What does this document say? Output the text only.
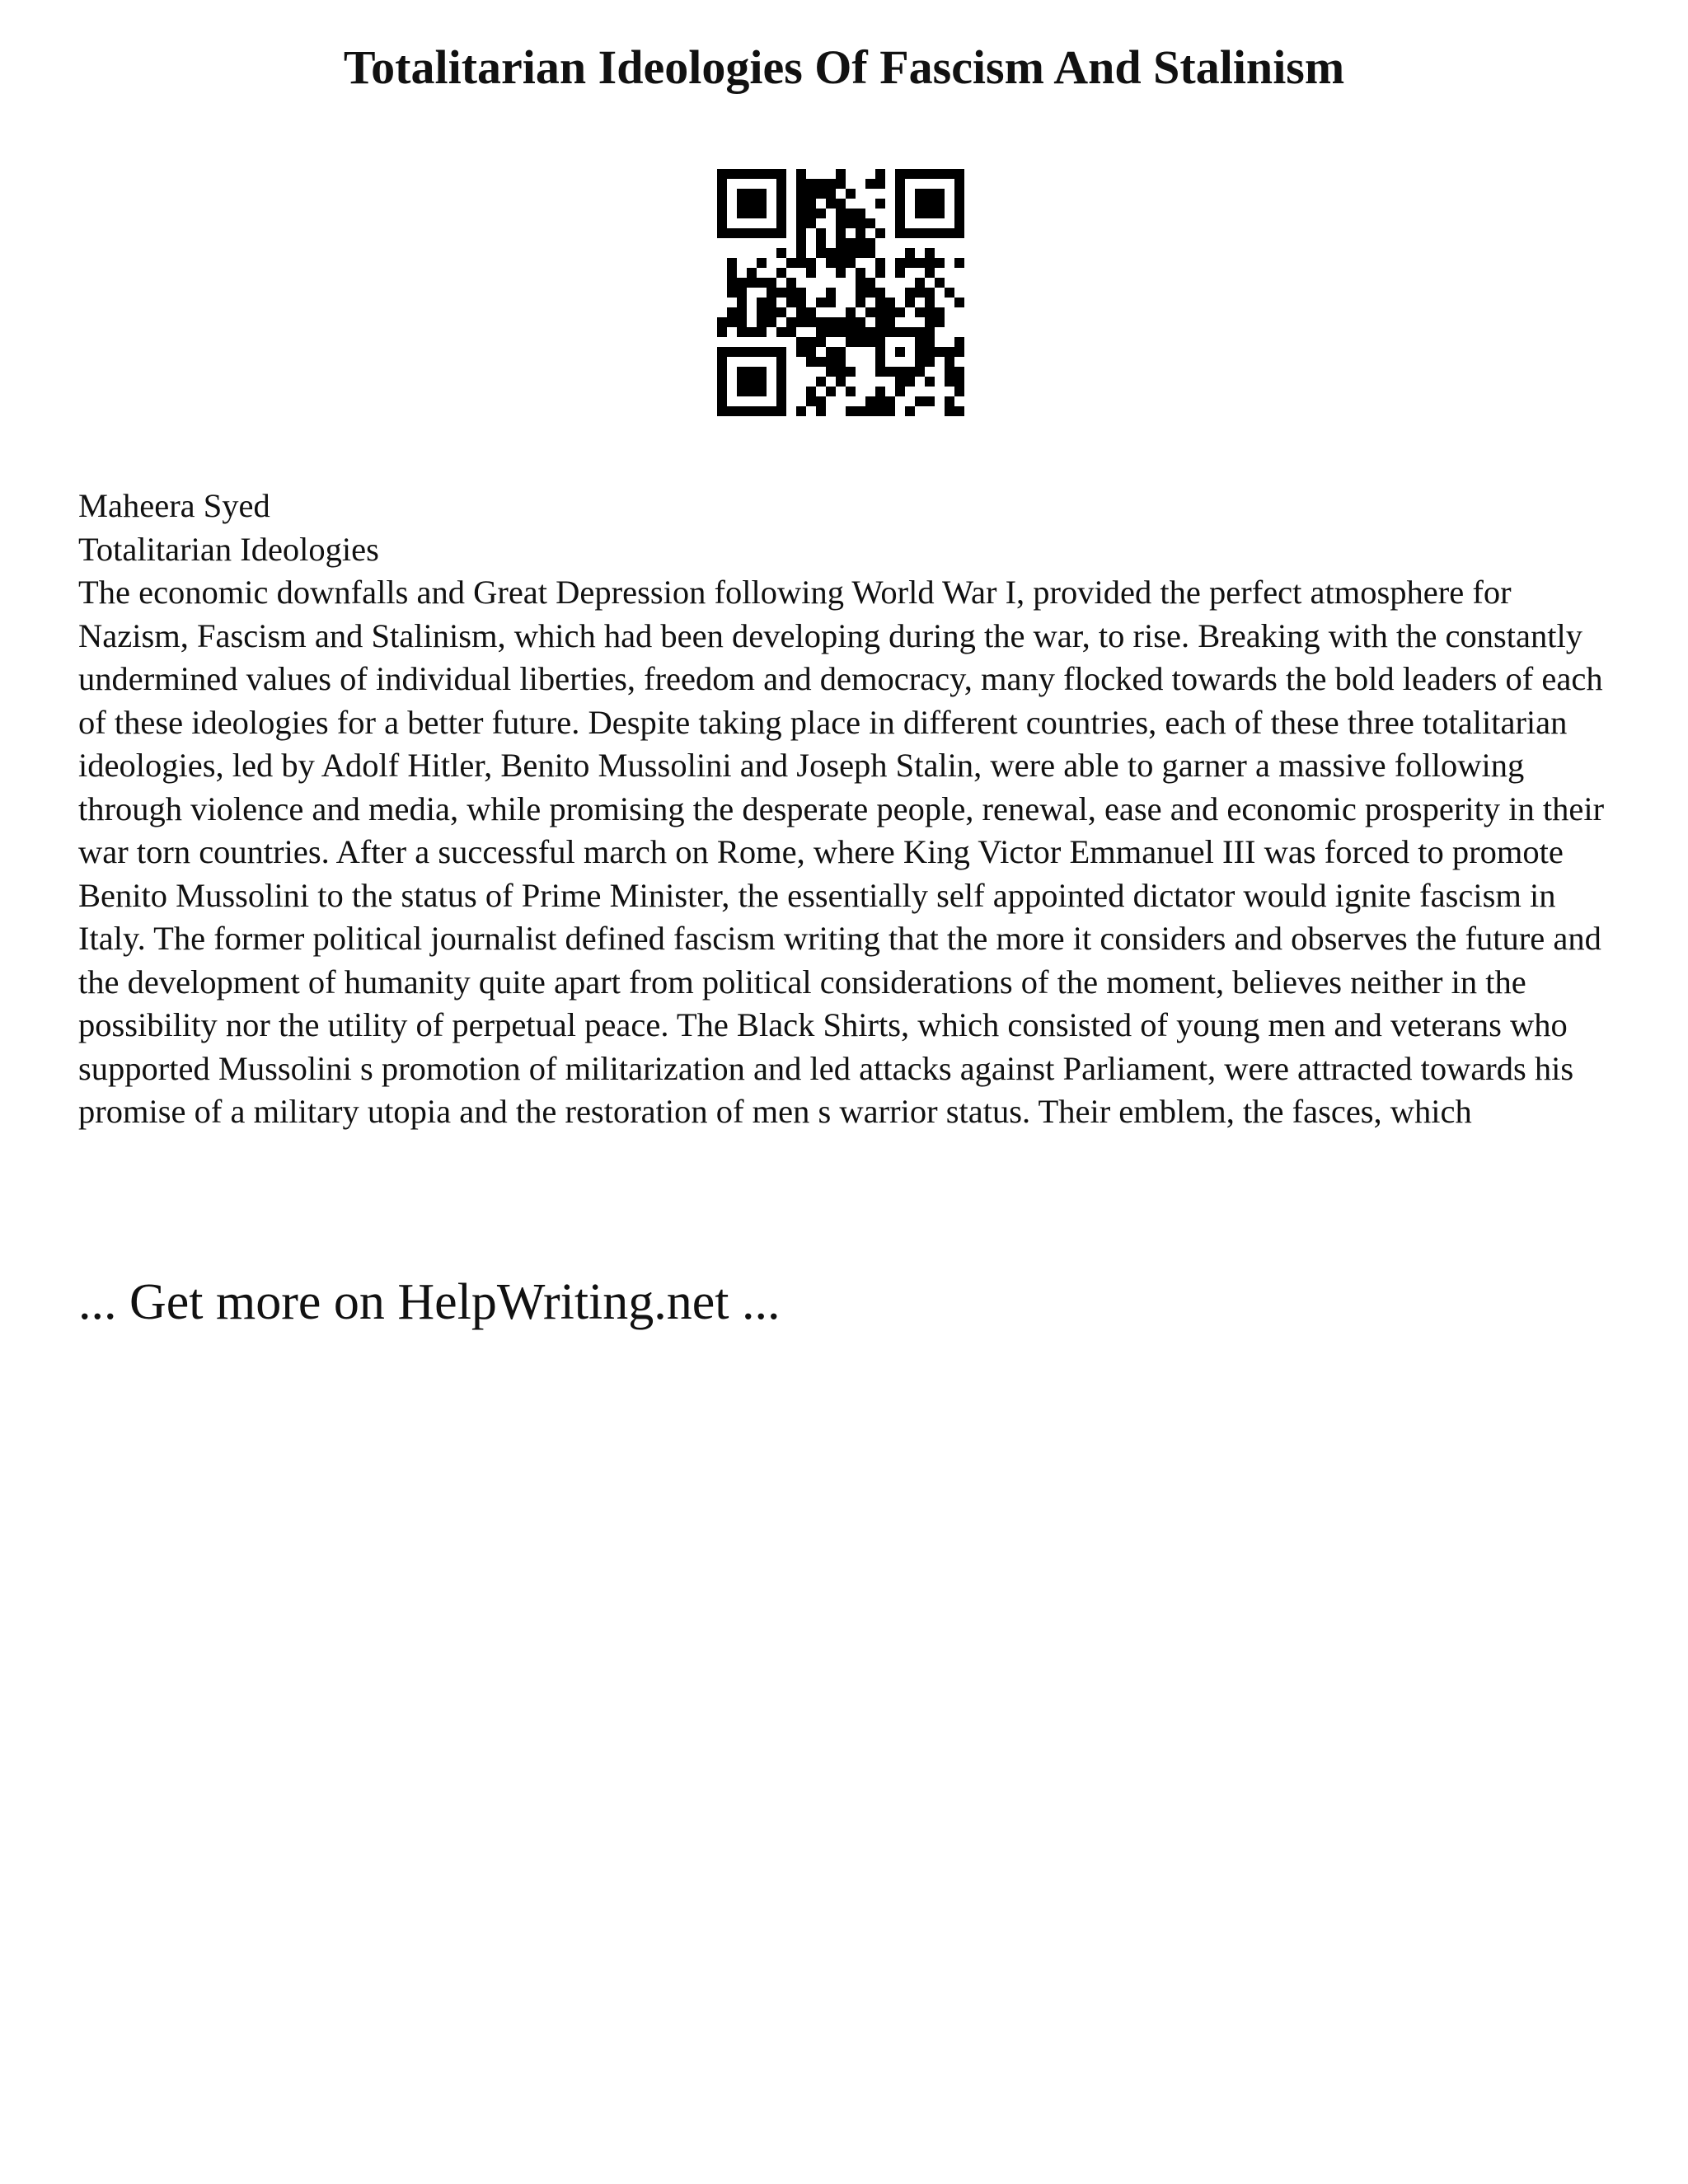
Totalitarian Ideologies Of Fascism And Stalinism

Maheera Syed

Totalitarian Ideologies

The economic downfalls and Great Depression following World War I, provided the perfect atmosphere for Nazism, Fascism and Stalinism, which had been developing during the war, to rise. Breaking with the constantly undermined values of individual liberties, freedom and democracy, many flocked towards the bold leaders of each of these ideologies for a better future. Despite taking place in different countries, each of these three totalitarian ideologies, led by Adolf Hitler, Benito Mussolini and Joseph Stalin, were able to garner a massive following through violence and media, while promising the desperate people, renewal, ease and economic prosperity in their war torn countries. After a successful march on Rome, where King Victor Emmanuel III was forced to promote Benito Mussolini to the status of Prime Minister, the essentially self appointed dictator would ignite fascism in Italy. The former political journalist defined fascism writing that the more it considers and observes the future and the development of humanity quite apart from political considerations of the moment, believes neither in the possibility nor the utility of perpetual peace. The Black Shirts, which consisted of young men and veterans who supported Mussolini s promotion of militarization and led attacks against Parliament, were attracted towards his promise of a military utopia and the restoration of men s warrior status. Their emblem, the fasces, which

... Get more on HelpWriting.net ...
